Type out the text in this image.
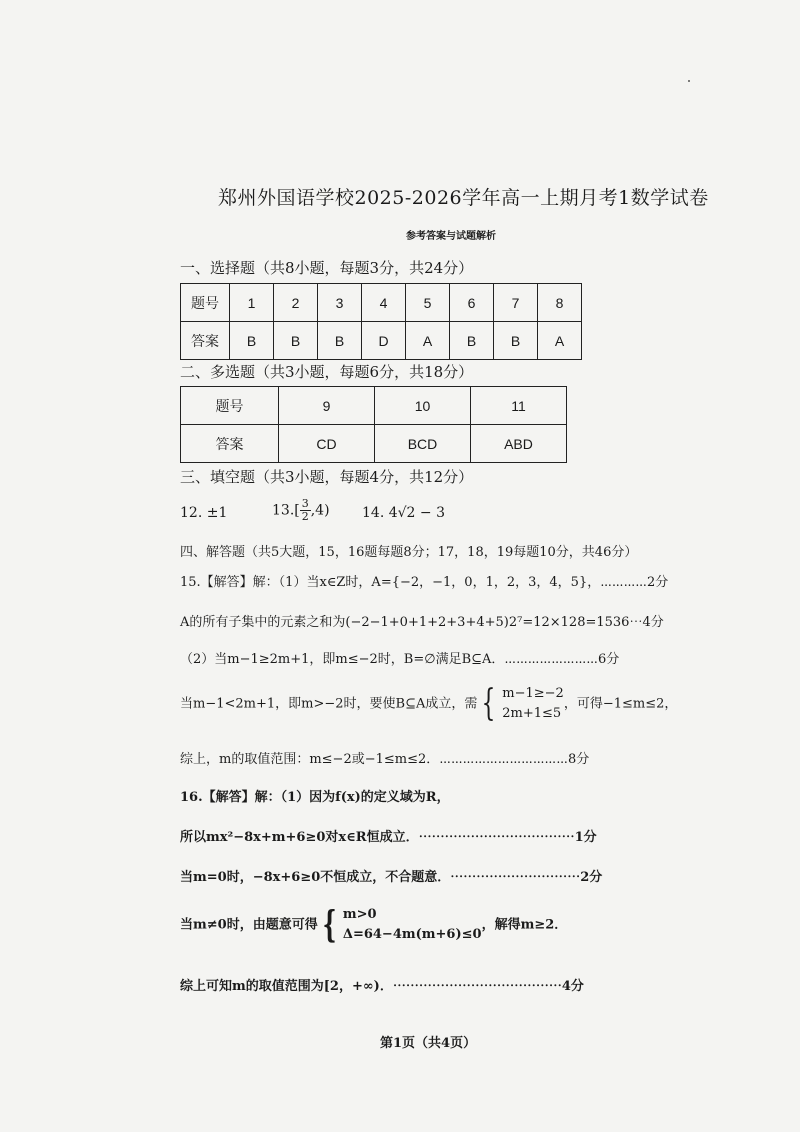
郑州外国语学校2025-2026学年高一上期月考1数学试卷
参考答案与试题解析
一、选择题（共8小题，每题3分，共24分）
题号	1	2	3	4	5	6	7	8
答案	B	B	B	D	A	B	B	A
二、多选题（共3小题，每题6分，共18分）
题号	9	10	11
答案	CD	BCD	ABD
三、填空题（共3小题，每题4分，共12分）
12. ±1	$13.[ \frac{3}{2} ,4)$ 14. 4√2 − 3
四、解答题（共5大题，15，16题每题8分；17，18，19每题10分，共46分）
15.【解答】解：（1）当x∈Z时，A={−2，−1，0，1，2，3，4，5}，⋯⋯⋯⋯2分
A的所有子集中的元素之和为(−2−1+0+1+2+3+4+5)2⁷=12×128=1536⋯4分
（2）当m−1≥2m+1，即m≤−2时，B=∅满足B⊆A．⋯⋯⋯⋯⋯⋯⋯⋯6分
当m−1<2m+1，即m>−2时，要使B⊆A成立，需 { m−1≥−2
2m+1≤5
，可得−1≤m≤2，
综上，m的取值范围：m≤−2或−1≤m≤2．⋯⋯⋯⋯⋯⋯⋯⋯⋯⋯⋯8分
16.【解答】解：（1）因为f(x)的定义域为R，
所以mx²−8x+m+6≥0对x∈R恒成立．⋯⋯⋯⋯⋯⋯⋯⋯⋯⋯⋯⋯1分
当m=0时，−8x+6≥0不恒成立，不合题意．⋯⋯⋯⋯⋯⋯⋯⋯⋯⋯2分
当m≠0时，由题意可得 { m>0
Δ=64−4m(m+6)≤0
，解得m≥2．
综上可知m的取值范围为[2，+∞)．⋯⋯⋯⋯⋯⋯⋯⋯⋯⋯⋯⋯⋯4分
第1页（共4页）
